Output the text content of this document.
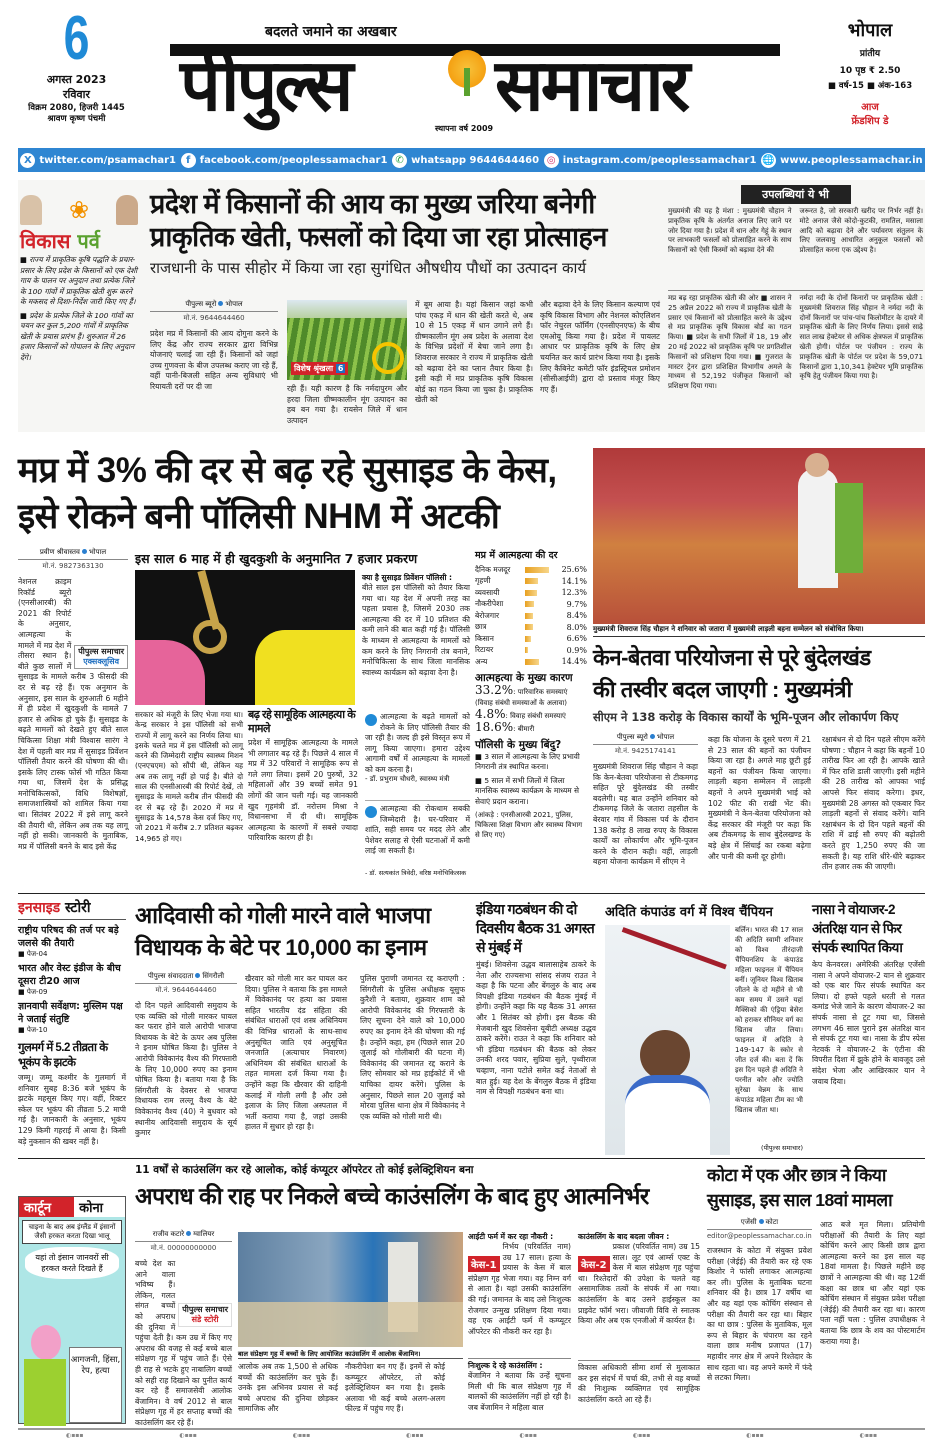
6
अगस्त 2023
रविवार
विक्रम 2080, हिजरी 1445
श्रावण कृष्ण पंचमी
बदलते जमाने का अखबार
पीपुल्स	समाचार
स्थापना वर्ष 2009
भोपाल
प्रांतीय
10 पृष्ठ ₹ 2.50
■ वर्ष-15 ■ अंक-163
आज
फ्रेंडशिप डे
X twitter.com/psamachar1	f facebook.com/peoplessamachar1 ✆ whatsapp 9644644460 ◎ instagram.com/peoplessamachar1 🌐 www.peoplessamachar.in
❀
विकास पर्व
■ राज्य में प्राकृतिक कृषि पद्धति के प्रचार-प्रसार के लिए प्रदेश के किसानों को एक देशी गाय के पालन पर अनुदान तथा प्रत्येक जिले के 100 गांवों में प्राकृतिक खेती शुरू करने के मकसद से दिशा-निर्देश जारी किए गए हैं।
■ प्रदेश के प्रत्येक जिले के 100 गांवों का चयन कर कुल 5,200 गांवों में प्राकृतिक खेती के प्रयास प्रारंभ हैं। शुरुआत में 26 हजार किसानों को गोपालन के लिए अनुदान देंगे।
प्रदेश में किसानों की आय का मुख्य जरिया बनेगी
प्राकृतिक खेती, फसलों को दिया जा रहा प्रोत्साहन
राजधानी के पास सीहोर में किया जा रहा सुगंधित औषधीय पौधों का उत्पादन कार्य
पीपुल्स ब्यूरो भोपाल
मो.नं. 9644644460
प्रदेश मप्र में किसानों की आय दोगुना करने के लिए केंद्र और राज्य सरकार द्वारा विभिन्न योजनाएं चलाई जा रही हैं। किसानों को जहां उच्च गुणवत्ता के बीज उपलब्ध कराए जा रहे हैं, वहीं पानी-बिजली सहित अन्य सुविधाएं भी रियायती दरों पर दी जा
विशेष श्रृंखला 6
रही हैं। यही कारण है कि नर्मदापुरम और हरदा जिला ग्रीष्मकालीन मूंग उत्पादन का हब बन गया है। रायसेन जिले में धान उत्पादन
में बूम आया है। यहां किसान जहां कभी पांच एकड़ में धान की खेती करते थे, अब 10 से 15 एकड़ में धान उगाने लगे हैं। ग्रीष्मकालीन मूंग अब प्रदेश के अलावा देश के विभिन्न प्रदेशों में बेचा जाने लगा है। शिवराज सरकार ने राज्य में प्राकृतिक खेती को बढ़ावा देने का प्लान तैयार किया है। इसी कड़ी में मप्र प्राकृतिक कृषि विकास बोर्ड का गठन किया जा चुका है। प्राकृतिक खेती को
और बढ़ावा देने के लिए किसान कल्याण एवं कृषि विकास विभाग और नेशनल कोएलिशन फॉर नेचुरल फॉर्मिंग (एनसीएनएफ) के बीच एमओयू किया गया है। प्रदेश में पायलट आधार पर प्राकृतिक कृषि के लिए क्षेत्र चयनित कर कार्य प्रारंभ किया गया है। इसके लिए कैबिनेट कमेटी फॉर इंडस्ट्रियल प्रमोशन (सीसीआईपी) द्वारा दो प्रस्ताव मंजूर किए गए हैं।
उपलब्धियां ये भी
मुख्यमंत्री की यह है मंशा : मुख्यमंत्री चौहान ने प्राकृतिक कृषि के अंतर्गत अनाज लिए जाने पर जोर दिया गया है। प्रदेश में धान और गेहूं के स्थान पर लाभकारी फसलों को प्रोत्साहित करने के साथ किसानों को ऐसी किस्मों को बढ़ावा देने की
जरूरत है, जो सरकारी खरीद पर निर्भर नहीं है। मोटे अनाज जैसे कोदो-कुटकी, रामतिल, मसाला आदि को बढ़ावा देने और पर्यावरण संतुलन के लिए जलवायु आधारित अनुकूल फसलों को प्रोत्साहित करना एक उद्देश्य है।
मप्र बढ़ रहा प्राकृतिक खेती की ओर ■ शासन ने 25 अप्रैल 2022 को राज्य में प्राकृतिक खेती के प्रसार एवं किसानों को प्रोत्साहित करने के उद्देश्य से मप्र प्राकृतिक कृषि विकास बोर्ड का गठन किया। ■ प्रदेश के सभी जिलों में 18, 19 और 20 मई 2022 को प्राकृतिक कृषि पर प्रगतिशील किसानों को प्रशिक्षण दिया गया। ■ गुजरात के मास्टर ट्रेनर द्वारा प्रशिक्षित विभागीय अमले के माध्यम से 52,192 पंजीकृत किसानों को प्रशिक्षण दिया गया।
नर्मदा नदी के दोनों किनारों पर प्राकृतिक खेती : मुख्यमंत्री शिवराज सिंह चौहान ने नर्मदा नदी के दोनों किनारों पर पांच-पांच किलोमीटर के दायरे में प्राकृतिक खेती के लिए निर्णय लिया। इससे साढ़े सात लाख हेक्टेयर से अधिक क्षेत्रफल में प्राकृतिक खेती होगी। पोर्टल पर पंजीयन : राज्य के प्राकृतिक खेती के पोर्टल पर प्रदेश के 59,071 किसानों द्वारा 1,10,341 हेक्टेयर भूमि प्राकृतिक कृषि हेतु पंजीयन किया गया है।
मप्र में 3% की दर से बढ़ रहे सुसाइड के केस,
इसे रोकने बनी पॉलिसी NHM में अटकी
प्रवीण श्रीवास्तव भोपाल
मो.नं. 9827363130
पीपुल्स समाचार
एक्सक्लूसिव
नेशनल क्राइम रिकॉर्ड ब्यूरो (एनसीआरबी) की 2021 की रिपोर्ट के अनुसार, आत्महत्या के मामले में मप्र देश में तीसरा स्थान है। बीते कुछ सालों में सुसाइड के मामले करीब 3 फीसदी की दर से बढ़ रहे हैं। एक अनुमान के अनुसार, इस साल के शुरुआती 6 महीने में ही प्रदेश में खुदकुशी के मामले 7 हजार से अधिक हो चुके हैं। सुसाइड के बढ़ते मामलों को देखते हुए बीते साल चिकित्सा शिक्षा मंत्री विश्वास सारंग ने देश में पहली बार मप्र में सुसाइड प्रिवेंशन पॉलिसी तैयार करने की घोषणा की थी। इसके लिए टास्क फोर्स भी गठित किया गया था, जिसमें देश के प्रसिद्ध मनोचिकित्सकों, विधि विशेषज्ञों, समाजशास्त्रियों को शामिल किया गया था। सितंबर 2022 में इसे लागू करने की तैयारी थी, लेकिन अब तक यह लागू नहीं हो सकी। जानकारी के मुताबिक, मप्र में पॉलिसी बनने के बाद इसे केंद्र
इस साल 6 माह में ही खुदकुशी के अनुमानित 7 हजार प्रकरण
सरकार को मंजूरी के लिए भेजा गया था। केन्द्र सरकार ने इस पॉलिसी को सभी राज्यों में लागू करने का निर्णय लिया था। इसके चलते मप्र में इस पॉलिसी को लागू करने की जिम्मेदारी राष्ट्रीय स्वास्थ्य मिशन (एनएचएम) को सौंपी थी, लेकिन यह अब तक लागू नहीं हो पाई है। बीते दो साल की एनसीआरबी की रिपोर्ट देखें, तो सुसाइड के मामले करीब तीन फीसदी की दर से बढ़ रहे हैं। 2020 में मप्र में सुसाइड के 14,578 केस दर्ज किए गए, जो 2021 में करीब 2.7 प्रतिशत बढ़कर 14,965 हो गए।
बढ़ रहे सामूहिक आत्महत्या के मामले
प्रदेश में सामूहिक आत्महत्या के मामले भी लगातार बढ़ रहे हैं। पिछले 4 साल में मप्र में 32 परिवारों ने सामूहिक रूप से गले लगा लिया। इसमें 20 पुरुषों, 32 महिलाओं और 39 बच्चों समेत 91 लोगों की जान चली गई। यह जानकारी खुद गृहमंत्री डॉ. नरोत्तम मिश्रा ने विधानसभा में दी थी। सामूहिक आत्महत्या के कारणों में सबसे ज्यादा पारिवारिक कारण ही है।
क्या है सुसाइड प्रिवेंशन पॉलिसी :
बीते साल इस पॉलिसी को तैयार किया गया था। यह देश में अपनी तरह का पहला प्रयास है, जिसमें 2030 तक आत्महत्या की दर में 10 प्रतिशत की कमी लाने की बात कही गई है। पॉलिसी के माध्यम से आत्महत्या के मामलों को कम करने के लिए निगरानी तंत्र बनाने, मनोचिकित्सा के साथ जिला मानसिक स्वास्थ्य कार्यक्रम को बढ़ावा देना है।
आत्महत्या के बढ़ते मामलों को रोकने के लिए पॉलिसी तैयार की जा रही है। जल्द ही इसे विस्तृत रूप में लागू किया जाएगा। हमारा उद्देश्य आगामी वर्षों में आत्महत्या के मामलों को कम करना है।
- डॉ. प्रभुराम चौधरी, स्वास्थ्य मंत्री
आत्महत्या की रोकथाम सबकी जिम्मेदारी है। घर-परिवार में शांति, सही समय पर मदद लेने और पेशेवर सलाह से ऐसी घटनाओं में कमी लाई जा सकती है।
- डॉ. सत्यकांत त्रिवेदी, वरिष्ठ मनोचिकित्सक
मप्र में आत्महत्या की दर
दैनिक मजदूर	25.6%
गृहणी	14.1%
व्यवसायी	12.3%
नौकरीपेशा	9.7%
बेरोजगार	8.4%
छात्र	8.0%
किसान	6.6%
रिटायर	0.9%
अन्य	14.4%
आत्महत्या के मुख्य कारण
33.2%: पारिवारिक समस्याएं (विवाह संबंधी समस्याओं के अलावा)
4.8%: विवाह संबंधी समस्याएं
18.6%: बीमारी
पॉलिसी के मुख्य बिंदु?
■ 3 साल में आत्महत्या के लिए प्रभावी निगरानी तंत्र स्थापित करना।
■ 5 साल में सभी जिलों में जिला मानसिक स्वास्थ्य कार्यक्रम के माध्यम से सेवाएं प्रदान कराना।
(आंकड़े : एनसीआरबी 2021, पुलिस, चिकित्सा शिक्षा विभाग और स्वास्थ्य विभाग से लिए गए)
मुख्यमंत्री शिवराज सिंह चौहान ने शनिवार को जतारा में मुख्यमंत्री लाड़ली बहना सम्मेलन को संबोधित किया।
केन-बेतवा परियोजना से पूरे बुंदेलखंड
की तस्वीर बदल जाएगी : मुख्यमंत्री
सीएम ने 138 करोड़ के विकास कार्यों के भूमि-पूजन और लोकार्पण किए
पीपुल्स ब्यूरो भोपाल
मो.नं. 9425174141
मुख्यमंत्री शिवराज सिंह चौहान ने कहा कि केन-बेतवा परियोजना से टीकमगढ़ सहित पूरे बुंदेलखंड की तस्वीर बदलेगी। यह बात उन्होंने शनिवार को टीकमगढ़ जिले के जतारा तहसील के बेरवार गांव में विकास पर्व के दौरान 138 करोड़ 8 लाख रुपए के विकास कार्यों का लोकार्पण और भूमि-पूजन करने के दौरान कही। वहीं, लाड़ली बहना योजना कार्यक्रम में सीएम ने
कहा कि योजना के दूसरे चरण में 21 से 23 साल की बहनों का पंजीयन किया जा रहा है। अगले माह छूटी हुई बहनों का पंजीयन किया जाएगा। लाड़ली बहना सम्मेलन में लाड़ली बहनों ने अपने मुख्यमंत्री भाई को 102 फीट की राखी भेंट की। मुख्यमंत्री ने केन-बेतवा परियोजना को केंद्र सरकार की मंजूरी पर कहा कि अब टीकमगढ़ के साथ बुंदेलखण्ड के बड़े क्षेत्र में सिंचाई का रकबा बढ़ेगा और पानी की कमी दूर होगी।
रक्षाबंधन से दो दिन पहले सीएम करेंगे घोषणा : चौहान ने कहा कि बहनों 10 तारीख फिर आ रही है। आपके खाते में फिर राशि डाली जाएगी। इसी महीने की 28 तारीख को आपका भाई आपसे फिर संवाद करेगा। इधर, मुख्यमंत्री 28 अगस्त को एकबार फिर लाड़ली बहनों से संवाद करेंगे। यानि रक्षाबंधन के दो दिन पहले बहनों की राशि में ढाई सौ रुपए की बढ़ोतरी करते हुए 1,250 रुपए की जा सकती है। यह राशि धीरे-धीरे बढ़ाकर तीन हजार तक की जाएगी।
इनसाइड स्टोरी
राष्ट्रीय परिषद की तर्ज पर बड़े जलसे की तैयारी
■ पेज-04
भारत और वेस्ट इंडीज के बीच दूसरा टी20 आज
■ पेज-09
ज्ञानवापी सर्वेक्षण: मुस्लिम पक्ष ने जताई संतुष्टि
■ पेज-10
गुलमर्ग में 5.2 तीव्रता के भूकंप के झटके
जम्मू। जम्मू कश्मीर के गुलमार्ग में शनिवार सुबह 8:36 बजे भूकंप के झटके महसूस किए गए। वहीं, रिक्टर स्केल पर भूकंप की तीव्रता 5.2 मापी गई है। जानकारी के अनुसार, भूकंप 129 किमी गहराई में आया है। किसी बड़े नुकसान की खबर नहीं है।
आदिवासी को गोली मारने वाले भाजपा
विधायक के बेटे पर 10,000 का इनाम
पीपुल्स संवाददाता सिंगरौली
मो.नं. 9644644460
दो दिन पहले आदिवासी समुदाय के एक व्यक्ति को गोली मारकर घायल कर फरार होने वाले आरोपी भाजपा विधायक के बेटे के ऊपर अब पुलिस ने इनाम घोषित किया है। पुलिस ने आरोपी विवेकानंद वैश्य की गिरफ्तारी के लिए 10,000 रुपए का इनाम घोषित किया है। बताया गया है कि सिंगरौली के देवसर से भाजपा विधायक राम लल्लू वैश्य के बेटे विवेकानंद वैश्य (40) ने बुधवार को स्थानीय आदिवासी समुदाय के सूर्य कुमार
खैरवार को गोली मार कर घायल कर दिया। पुलिस ने बताया कि इस मामले में विवेकानंद पर हत्या का प्रयास सहित भारतीय दंड संहिता की संबंधित धाराओं एवं शस्त्र अधिनियम की विभिन्न धाराओं के साथ-साथ अनुसूचित जाति एवं अनुसूचित जनजाति (अत्याचार निवारण) अधिनियम की संबंधित धाराओं के तहत मामला दर्ज किया गया है। उन्होंने कहा कि खैरवार की दाहिनी कलाई में गोली लगी है और उसे इलाज के लिए जिला अस्पताल में भर्ती कराया गया है, जहां उसकी हालत में सुधार हो रहा है।
पुलिस पुराणी जमानत रद्द कराएगी : सिंगरौली के पुलिस अधीक्षक यूसुफ कुरैशी ने बताया, शुक्रवार शाम को आरोपी विवेकानंद की गिरफ्तारी के लिए सूचना देने वाले को 10,000 रुपए का इनाम देने की घोषणा की गई है। उन्होंने कहा, हम (पिछले साल 20 जुलाई को गोलीबारी की घटना में) विवेकानंद की जमानत रद्द कराने के लिए सोमवार को मप्र हाईकोर्ट में भी याचिका दायर करेंगे। पुलिस के अनुसार, पिछले साल 20 जुलाई को मोरवा पुलिस थाना क्षेत्र में विवेकानंद ने एक व्यक्ति को गोली मारी थी।
इंडिया गठबंधन की दो दिवसीय बैठक 31 अगस्त से मुंबई में
मुंबई। शिवसेना उद्धव बालासाहेब ठाकरे के नेता और राज्यसभा सांसद संजय राउत ने कहा है कि पटना और बेंगलुरु के बाद अब विपक्षी इंडिया गठबंधन की बैठक मुंबई में होगी। उन्होंने कहा कि यह बैठक 31 अगस्त और 1 सितंबर को होगी। इस बैठक की मेजबानी खुद शिवसेना यूबीटी अध्यक्ष उद्धव ठाकरे करेंगे। राउत ने कहा कि शनिवार को भी इंडिया गठबंधन की बैठक को लेकर उनकी शरद पवार, सुप्रिया सुले, पृथ्वीराज चव्हाण, नाना पटोले समेत कई नेताओं से बात हुई। यह देश के बेंगलुरु बैठक में इंडिया नाम से विपक्षी गठबंधन बना था।
अदिति कंपाउंड वर्ग में विश्व चैंपियन
बर्लिन। भारत की 17 साल की अदिति स्वामी शनिवार को विश्व तीरंदाजी चैंपियनशिप के कंपाउंड महिला फाइनल में चैंपियन बनीं। जूनियर विश्व खिताब जीतने के दो महीने से भी कम समय में उसने यहां मैक्सिको की एंड्रिया बेसेरा को हराकर सीनियर वर्ग का खिताब जीत लिया। फाइनल में अदिति ने 149-147 के स्कोर से जीत दर्ज की। बता दें कि इस दिन पहले ही अदिति ने परनीत कौर और ज्योति सुरेखा वेन्नम के साथ कंपाउंड महिला टीम का भी खिताब जीता था।
(पीपुल्स समाचार)
नासा ने वोयाजर-2 अंतरिक्ष यान से फिर संपर्क स्थापित किया
केप केनवरल। अमेरिकी अंतरिक्ष एजेंसी नासा ने अपने वोयाजर-2 यान से शुक्रवार को एक बार फिर संपर्क स्थापित कर लिया। दो हफ्ते पहले धरती से गलत कमांड भेजे जाने के कारण वोयाजर-2 का संपर्क नासा से टूट गया था, जिससे लगभग 46 साल पुराने इस अंतरिक्ष यान से संपर्क टूट गया था। नासा के डीप स्पेस नेटवर्क ने वोयाजर-2 के एंटीना की विपरीत दिशा में झुके होने के बावजूद उसे संदेश भेजा और आखिरकार यान ने जवाब दिया।
कार्टून	कोना
चाइना के बाद अब इंग्लैंड में इंसानों जैसी हरकत करता दिखा भालू
यहां तो इंसान जानवरों सी हरकत करते दिखते हैं
आगजनी, हिंसा, रेप, हत्या
11 वर्षों से काउंसलिंग कर रहे आलोक, कोई कंप्यूटर ऑपरेटर तो कोई इलेक्ट्रिशियन बना
अपराध की राह पर निकले बच्चे काउंसलिंग के बाद हुए आत्मनिर्भर
राजीव कटारे ग्वालियर
मो.नं. 00000000000
पीपुल्स समाचार
संडे स्टोरी
बच्चे देश का आने वाला भविष्य हैं। लेकिन, गलत संगत बच्चों को अपराध की दुनिया में पहुंचा देती है। कम उम्र में किए गए अपराध की वजह से कई बच्चे बाल संप्रेक्षण गृह में पहुंच जाते हैं। ऐसे ही राह से भटके हुए नाबालिग बच्चों को सही राह दिखाने का पुनीत कार्य कर रहे हैं समाजसेवी आलोक बेंजामिन। वे वर्ष 2012 से बाल संप्रेक्षण गृह में हर सप्ताह बच्चों की काउंसलिंग कर रहे हैं।
बाल संप्रेक्षण गृह में बच्चों के लिए आयोजित काउंसलिंग में आलोक बेंजामिन।
आलोक अब तक 1,500 से अधिक बच्चों की काउंसलिंग कर चुके हैं। उनके इस अभिनव प्रयास से कई बच्चे अपराध की दुनिया छोड़कर सामाजिक और
नौकरीपेशा बन गए हैं। इनमें से कोई कम्प्यूटर ऑपरेटर, तो कोई इलेक्ट्रिशियन बन गया है। इसके अलावा भी कई बच्चे अलग-अलग फील्ड में पहुंच गए हैं।
आईटी फर्म में कर रहा नौकरी :
केस-1
निर्भय (परिवर्तित नाम) उम्र 17 साल। हत्या के प्रयास के केस में बाल संप्रेक्षण गृह भेजा गया। वह निम्न वर्ग से आता है। यहां उसकी काउंसलिंग की गई। जमानत के बाद उसे निःशुल्क रोजगार उन्मुख प्रशिक्षण दिया गया। वह एक आईटी फर्म में कम्प्यूटर ऑपरेटर की नौकरी कर रहा है।
काउंसलिंग के बाद बदला जीवन :
केस-2
प्रकाश (परिवर्तित नाम) उम्र 15 साल। लूट एवं आर्म्स एक्ट के केस में बाल संप्रेक्षण गृह पहुंचा था। रिश्तेदारों की उपेक्षा के चलते वह असामाजिक तत्वों के संपर्क में आ गया। काउंसलिंग के बाद उसने हाईस्कूल का प्राइवेट फॉर्म भरा। जीवाजी विवि से स्नातक किया और अब एक एनजीओ में कार्यरत है।
निःशुल्क दे रहे काउंसलिंग :
बेंजामिन ने बताया कि उन्हें सूचना मिली थी कि बाल संप्रेक्षण गृह में बालकों की काउंसलिंग नहीं हो रही है। जब बेंजामिन ने महिला बाल
विकास अधिकारी सीमा शर्मा से मुलाकात कर इस संदर्भ में चर्चा की, तभी से वह बच्चों की निःशुल्क व्यक्तिगत एवं सामूहिक काउंसलिंग करते आ रहे हैं।
कोटा में एक और छात्र ने किया
सुसाइड, इस साल 18वां मामला
एजेंसी कोटा
editor@peoplessamachar.co.in
राजस्थान के कोटा में संयुक्त प्रवेश परीक्षा (जेईई) की तैयारी कर रहे एक किशोर ने फांसी लगाकर आत्महत्या कर ली। पुलिस के मुताबिक घटना शनिवार की है। छात्र 17 वर्षीय था और वह यहां एक कोचिंग संस्थान से परीक्षा की तैयारी कर रहा था। बिहार का था छात्र : पुलिस के मुताबिक, मूल रूप से बिहार के चंपारण का रहने वाला छात्र मनीष प्रजापत (17) महावीर नगर क्षेत्र में अपने रिश्तेदार के साथ रहता था। वह अपने कमरे में फंदे से लटका मिला।
आठ बजे मृत मिला। प्रतियोगी परीक्षाओं की तैयारी के लिए यहां कोचिंग करने आए किसी छात्र द्वारा आत्महत्या करने का इस साल यह 18वां मामला है। पिछले महीने छह छात्रों ने आत्महत्या की थी। वह 12वीं कक्षा का छात्र था और यहां एक कोचिंग संस्थान में संयुक्त प्रवेश परीक्षा (जेईई) की तैयारी कर रहा था। कारण पता नहीं चला : पुलिस उपाधीक्षक ने बताया कि छात्र के शव का पोस्टमार्टम कराया गया है।
◐▪▪▪	◐▪▪▪	◐▪▪▪	◐▪▪▪	◐▪▪▪	◐▪▪▪	◐▪▪▪	◐▪▪▪
